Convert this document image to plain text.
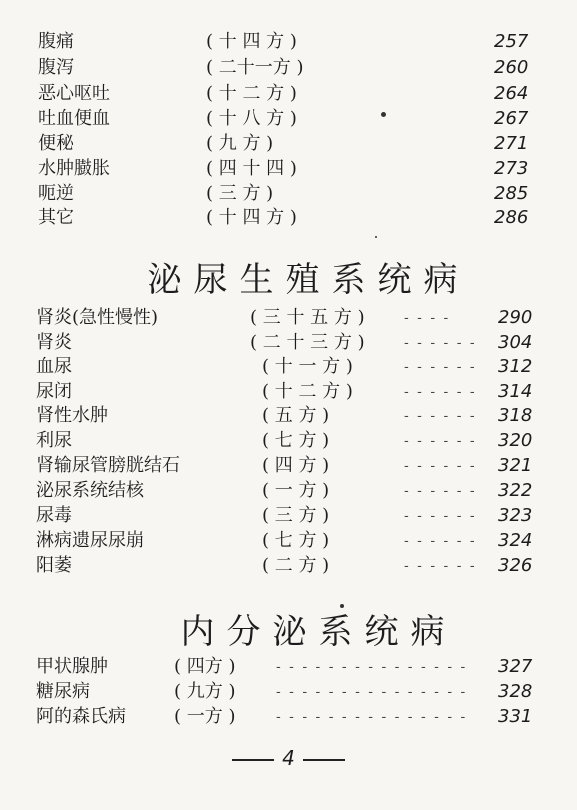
腹痛	( 十 四 方 )	257
腹泻	( 二十一方 )	260
恶心呕吐	( 十 二 方 )	264
吐血便血	( 十 八 方 )	267
便秘	( 九 方 )	271
水肿臌胀	( 四 十 四 )	273
呃逆	( 三 方 )	285
其它	( 十 四 方 )	286
泌尿生殖系统病
肾炎(急性慢性)	( 三 十 五 方 )	- - - -	290
肾炎	( 二 十 三 方 )	- - - - - - 304
血尿	( 十 一 方 )	- - - - - - 312
尿闭	( 十 二 方 )	- - - - - - 314
肾性水肿	( 五 方 )	- - - - - - 318
利尿	( 七 方 )	- - - - - - 320
肾输尿管膀胱结石	( 四 方 )	- - - - - - 321
泌尿系统结核	( 一 方 )	- - - - - - 322
尿毒	( 三 方 )	- - - - - - 323
淋病遗尿尿崩	( 七 方 )	- - - - - - 324
阳萎	( 二 方 )	- - - - - - 326
内分泌系统病
甲状腺肿	( 四方 )	- - - - - - - - - - - - - - - 327
糖尿病	( 九方 )	- - - - - - - - - - - - - - - 328
阿的森氏病	( 一方 )	- - - - - - - - - - - - - - - 331
4
